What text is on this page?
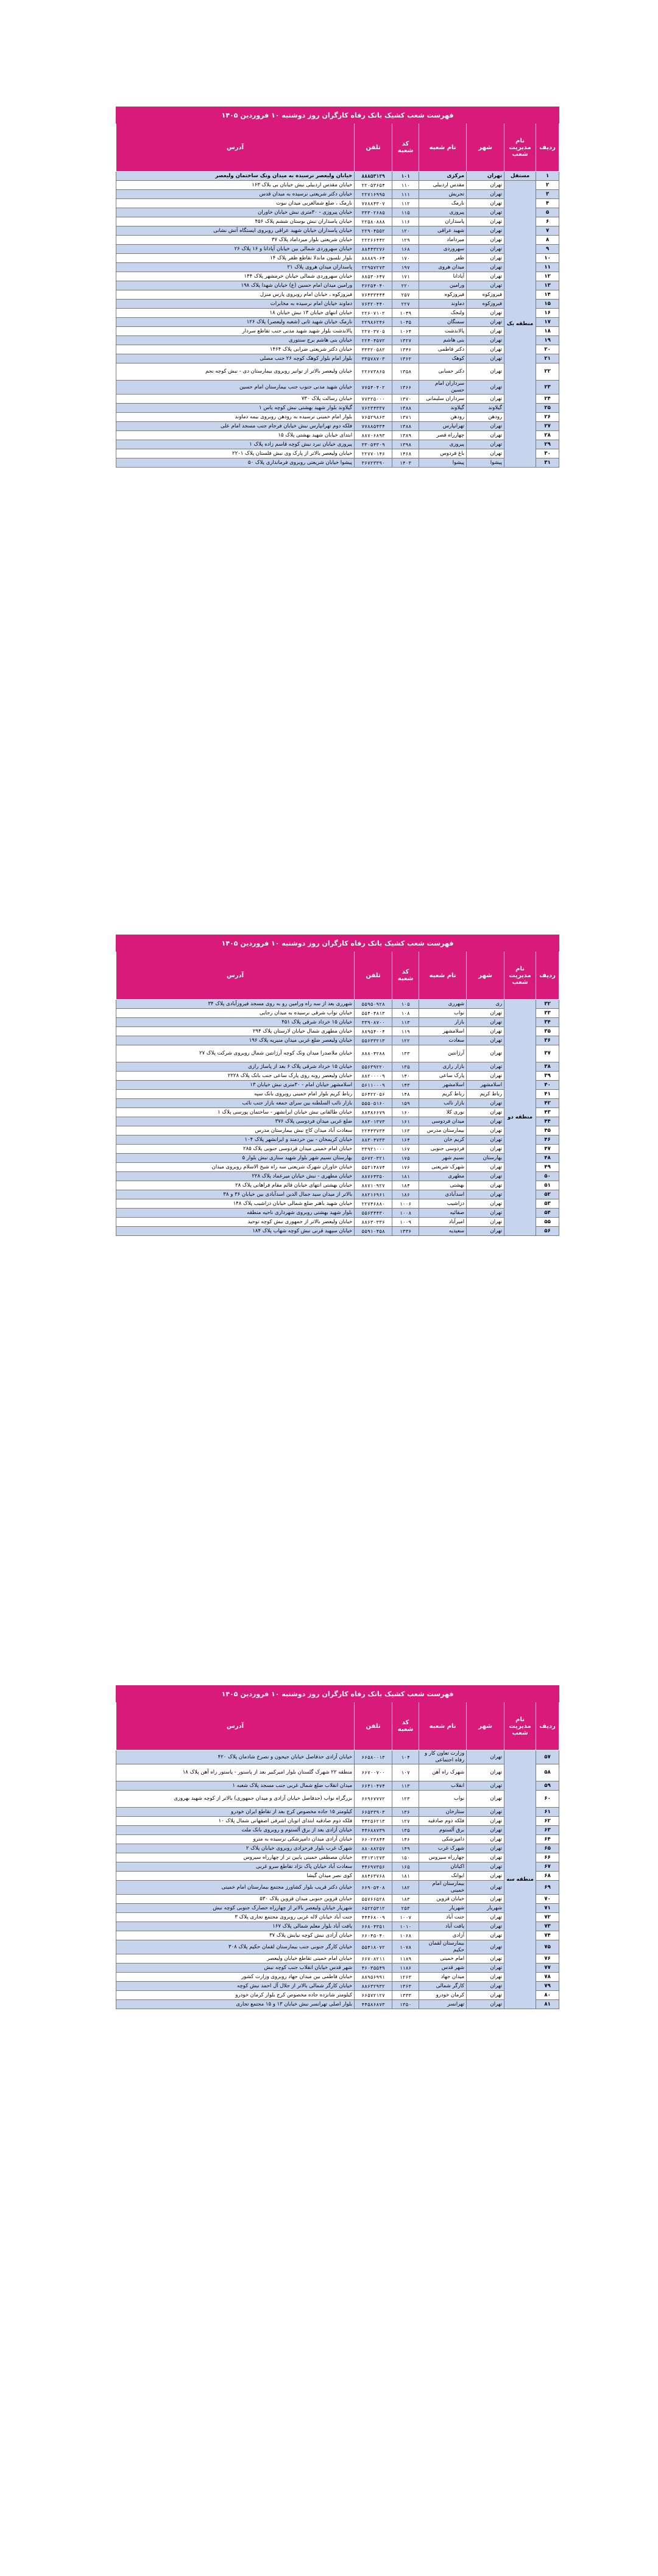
فهرست شعب کشیک بانک رفاه کارگران روز دوشنبه ۱۰ فروردین ۱۴۰۵						
ردیف	نام مدیریت شعب	شهر	نام شعبه	کد شعبه	تلفن	آدرس
۱	مستقل	تهران	مرکزی	۱۰۱	۸۸۸۵۳۱۲۹	خیابان ولیعصر نرسیده به میدان ونک ساختمان ولیعصر
۲	منطقه یک	تهران	مقدس اردبیلی	۱۱۰	۲۲۰۵۳۶۵۴	خیابان مقدس اردبیلی نبش خیابان بی بلاک ۱۶۳
۳		تهران	تجریش	۱۱۱	۲۲۷۱۶۹۹۵	خیابان دکتر شریعتی نرسیده به میدان قدس
۴		تهران	نارمک	۱۱۲	۷۷۸۸۴۳۰۷	نارمک ، ضلع شمالغربی میدان نبوت
۵		تهران	پیروزی	۱۱۵	۳۳۳۰۲۶۸۵	خیابان پیروزی - ۳۰متری نبش خیابان خاوران
۶		تهران	پاسداران	۱۱۶	۲۲۵۸۰۸۸۸	خیابان پاسداران نبش بوستان ششم پلاک ۴۵۶
۷		تهران	شهید عراقی	۱۲۰	۲۲۹۰۴۵۵۲	خیابان پاسداران خیابان شهید عراقی روبروی ایستگاه آتش نشانی
۸		تهران	میرداماد	۱۲۹	۲۲۲۶۶۴۴۲	خیابان شریعتی بلوار میرداماد پلاک ۳۷
۹		تهران	سهروردی	۱۶۸	۸۸۴۴۳۲۷۶	خیابان سهروردی شمالی بین خیابان آپادانا و ۱۶ پلاک ۲۶
۱۰		تهران	ظفر	۱۷۰	۸۸۸۸۹۰۶۴	بلوار نلسون ماندلا تقاطع ظفر پلاک ۱۴
۱۱		تهران	میدان هروی	۱۹۷	۲۲۹۵۷۲۷۳	پاسداران میدان هروی پلاک ۲۱
۱۲		تهران	آپادانا	۱۷۱	۸۸۵۳۰۶۴۷	خیابان سهروردی شمالی خیابان خرمشهر پلاک ۱۴۴
۱۳		تهران	ورامین	۲۲۰	۳۶۲۵۴۰۴۰	ورامین میدان امام حسین (ع) خیابان شهدا پلاک ۱۹۸
۱۴		فیروزکوه	فیروزکوه	۲۵۷	۷۶۴۳۳۴۴۴	فیروزکوه ، خیابان امام روبروی پارس منزل
۱۵		فیروزکوه	دماوند	۲۲۷	۷۶۳۲۰۴۴۰	دماوند خیابان امام نرسیده به مخابرات
۱۶		تهران	ولنجک	۱۰۴۹	۲۲۶۰۷۱۰۲	خیابان انتهای خیابان ۱۳ نبش خیابان ۱۸
۱۷		تهران	سمنگان	۱۰۴۵	۲۲۹۸۶۲۴۶	نارمک خیابان شهید ثانی (شعبه ولیعصر) پلاک ۱۲۶
۱۸		تهران	پالاندشت	۱۰۶۴	۲۲۷۰۳۷۰۵	پالاندشت بلوار شهید شهید مدنی جنب تقاطع سردار
۱۹		تهران	بنی هاشم	۱۳۲۷	۲۲۴۰۴۵۷۲	خیابان بنی هاشم برج سنتوری
۲۰		تهران	دکتر فاطمی	۱۳۴۶	۳۳۳۲۰۵۸۲	خیابان دکتر شریعتی ضرابی پلاک ۱۴۶۴
۲۱		تهران	کوهک	۱۳۶۲	۳۳۵۷۸۷۰۳	بلوار امام بلوار کوهک کوچه ۲۶ جنب مصلی
۲۲		تهران	دکتر حسابی	۱۳۵۸	۲۲۶۷۳۸۶۵	خیابان ولیعصر بالاتر از توانیر روبروی بیمارستان دی - نبش کوچه نجم
۲۳		تهران	سرداران امام حسین	۱۳۶۶	۷۷۵۴۰۴۰۲	خیابان شهید مدنی جنوب جنب بیمارستان امام حسین
۲۴		تهران	سرداران سلیمانی	۱۳۷۰	۷۷۳۲۵۰۰۰	خیابان رسالت پلاک ۷۳۰
۲۵		گیلاوند	گیلاوند	۱۳۸۸	۷۶۲۳۴۳۳۷	گیلاوند بلوار شهید بهشتی نبش کوچه یاس ۱
۲۶		رودهن	رودهن	۱۳۷۱	۷۶۵۲۹۸۶۳	بلوار امام خمینی نرسیده به رودهن روبروی بیمه دماوند
۲۷		تهران	تهرانپارس	۱۳۸۸	۷۷۸۸۵۴۳۴	فلکه دوم تهرانپارس نبش خیابان فرجام جنب مسجد امام علی
۲۸		تهران	چهارراه قصر	۱۳۸۹	۸۸۷۰۶۸۹۳	ابتدای خیابان شهید بهشتی پلاک ۱۵
۲۹		تهران	پیروزی	۱۳۹۸	۳۳۰۵۴۳۰۹	پیروزی خیابان نبرد نبش کوچه قاسم زاده پلاک ۱
۳۰		تهران	باغ فردوس	۱۴۶۸	۲۲۷۷۰۱۴۶	خیابان ولیعصر بالاتر از پارک وی نبش فلستان پلاک ۲۲۰۱
۳۱		پیشوا	پیشوا	۱۴۰۳	۳۶۷۲۳۳۹۰	پیشوا خیابان شریعتی روبروی فرمانداری پلاک ۵۰
فهرست شعب کشیک بانک رفاه کارگران روز دوشنبه ۱۰ فروردین ۱۴۰۵						
ردیف	نام مدیریت شعب	شهر	نام شعبه	کد شعبه	تلفن	آدرس
۳۲	منطقه دو	ری	شهرری	۱۰۵	۵۵۹۵۰۹۲۸	شهرری بعد از سه راه ورامین رو به روی مسجد فیروزآبادی پلاک ۳۴
۳۳		تهران	نواب	۱۰۸	۵۵۴۰۴۸۱۳	خیابان نواب شرقی نرسیده به میدان رجایی
۳۴		تهران	بازار	۱۱۳	۳۳۹۰۸۷۰۰	خیابان ۱۵ خرداد شرقی پلاک ۴۵۱
۳۵		تهران	اسلامشهر	۱۱۹	۸۸۹۵۴۰۰۴	خیابان مطهری شمال خیابان لارستان پلاک ۲۹۴
۳۶		تهران	سعادت	۱۲۲	۵۵۶۳۳۲۱۳	خیابان ولیعصر ضلع غربی میدان منیریه پلاک ۱۹۶
۳۷		تهران	آرژانتین	۱۳۳	۸۸۸۰۴۲۸۸	خیابان ملاصدرا میدان ونک کوچه آرژانتین شمال روبروی شرکت پلاک ۲۷
۳۸		تهران	بازار رازی	۱۳۵	۵۵۶۳۹۲۲۰	خیابان ۱۵ خرداد شرقی پلاک ۶ بعد از پاساژ رازی
۳۹		تهران	پارک ساعی	۱۴۰	۸۸۲۰۰۰۰۹	خیابان ولیعصر روبه روی پارک ساعی جنب بانک پلاک ۲۲۲۸
۴۰		اسلامشهر	اسلامشهر	۱۴۳	۵۶۱۱۰۰۰۹	اسلامشهر خیابان امام - ۳۰متری نبش خیابان ۱۳
۴۱		رباط کریم	رباط کریم	۱۴۸	۵۶۴۲۲۰۵۶	رباط کریم بلوار امام خمینی روبروی بانک سپه
۴۲		تهران	بازار نائب	۱۵۹	۵۵۵۰۵۱۶۰	بازار نائب السلطنه بین سرای جمعه بازار جنب نائب
۴۳		تهران	نوری کلا	۱۶۰	۸۸۴۸۶۶۷۹	خیابان طالقانی نبش خیابان ایرانشهر - ساختمان پورسی پلاک ۱
۴۴		تهران	میدان فردوسی	۱۶۱	۸۸۳۰۱۳۷۳	ضلع غربی میدان فردوسی پلاک ۳۷۶
۴۵		تهران	بیمارستان مدرس	۱۶۳	۲۲۴۴۳۷۳۴	سعادت آباد میدان کاج نبش بیمارستان مدرس
۴۶		تهران	کریم خان	۱۶۴	۸۸۳۰۴۷۳۳	خیابان کریمخان - بین خردمند و ایرانشهر پلاک ۱۰۴
۴۷		تهران	فردوسی جنوبی	۱۶۷	۳۳۹۲۱۰۰۰	خیابان امام خمینی میدان فردوسی جنوبی پلاک ۲۸۵
۴۸		بهارستان	نسیم شهر	۱۷۵	۵۶۷۲۰۳۲۱	بهارستان نسیم شهر بلوار شهید ستاری نبش بلوار ۵
۴۹		تهران	شهرک شریعتی	۱۷۶	۵۵۳۱۴۸۷۴	خیابان خاوران شهرک شریعتی سه راه شیخ الاسلام روبروی میدان
۵۰		تهران	مطهری	۱۸۱	۸۸۷۶۴۳۵۰	خیابان مطهری - نبش خیابان میرعماد پلاک ۲۲۸
۵۱		تهران	بهشتی	۱۸۴	۸۸۷۱۰۹۲۷	خیابان بهشتی انتهای خیابان قائم مقام فراهانی پلاک ۲۸
۵۲		تهران	اسدآبادی	۱۸۶	۸۸۲۱۶۹۶۱	بالاتر از میدان سید جمال الدین اسدآبادی بین خیابان ۳۶ و ۳۸
۵۳		تهران	دزاشیب	۱۰۰۶	۲۲۷۴۶۸۸۰	خیابان شهید باهنر ضلع شمالی خیابان دزاشیب پلاک ۱۴۸
۵۴		تهران	صفائیه	۱۰۰۸	۵۵۶۳۴۴۳۰	بلوار شهید بهشتی روبروی شهرداری ناحیه منطقه
۵۵		تهران	امیرآباد	۱۰۰۹	۸۸۶۳۰۳۳۶	خیابان ولیعصر بالاتر از جمهوری نبش کوچه توحید
۵۶		تهران	سعیدیه	۱۳۳۶	۵۵۹۱۰۴۵۸	خیابان سپهبد قرنی نبش کوچه شهاب پلاک ۱۸۴
فهرست شعب کشیک بانک رفاه کارگران روز دوشنبه ۱۰ فروردین ۱۴۰۵						
ردیف	نام مدیریت شعب	شهر	نام شعبه	کد شعبه	تلفن	آدرس
۵۷	منطقه سه	تهران	وزارت تعاون کار و رفاه اجتماعی	۱۰۴	۶۶۵۸۰۰۱۳	خیابان آزادی حدفاصل خیابان جیحون و نصرخ شادمان پلاک ۴۲۰
۵۸		تهران	شهرک راه آهن	۱۰۷	۶۶۷۰۰۷۰۰	منطقه ۲۲ شهرک گلستان بلوار امیرکبیر بعد از پاستور - پاستور راه آهن پلاک ۱۸
۵۹		تهران	انقلاب	۱۱۳	۶۶۴۱۰۴۷۴	میدان انقلاب ضلع شمال غربی جنب مسجد پلاک شعبه ۱
۶۰		تهران	نواب	۱۲۳	۶۶۹۶۷۷۷۲	بزرگراه نواب (حدفاصل خیابان آزادی و میدان جمهوری) بالاتر از کوچه شهید بهروزی
۶۱		تهران	ستارخان	۱۳۶	۶۶۵۳۳۹۰۳	کیلومتر ۱۵ جاده مخصوص کرج بعد از تقاطع ایران خودرو
۶۲		تهران	فلکه دوم صادقیه	۱۲۷	۴۴۲۵۶۲۱۳	فلکه دوم صادقیه ابتدای اتوبان اشرفی اصفهانی شمال پلاک ۱۰
۶۳		تهران	برق آلستوم	۱۳۵	۴۴۶۸۸۷۳۹	خیابان آزادی بعد از برق آلستوم و روبروی بانک ملت
۶۴		تهران	دامپزشکی	۱۴۶	۶۶۰۲۳۸۴۴	خیابان آزادی میدان دامپزشکی نرسیده به مترو
۶۵		تهران	شهرک غرب	۱۴۹	۸۸۰۸۸۲۵۷	شهرک غرب بلوار فرحزادی روبروی خیابان پلاک ۲
۶۶		تهران	چهارراه سیروس	۱۵۰	۳۳۱۳۱۲۷۳	خیابان مصطفی خمینی پایین تر از چهارراه سیروس
۶۷		تهران	اکباتان	۱۶۵	۴۴۶۹۷۳۵۶	سعادت آباد خیابان پاک نژاد تقاطع سرو غربی
۶۸		تهران	ایوانک	۱۸۱	۸۸۴۶۳۷۶۸	کوی نصر میدان گیشا
۶۹		تهران	بیمارستان امام خمینی	۱۸۲	۶۶۹۰۵۴۰۸	خیابان دکتر قریب بلوار کشاورز مجتمع بیمارستان امام خمینی
۷۰		تهران	خیابان قزوین	۱۸۳	۵۵۷۶۶۵۲۸	خیابان قزوین جنوبی میدان قزوین پلاک ۵۳۰
۷۱		شهریار	شهریار	۲۵۳	۶۵۲۲۵۳۱۲	شهریار خیابان ولیعصر بالاتر از چهارراه حصارک جنوبی کوچه نبش
۷۲		تهران	جنت آباد	۱۰۰۷	۴۴۴۶۸۰۰۹	جنت آباد خیابان لاله غربی روبروی مجتمع تجاری پلاک ۳
۷۳		تهران	یافت آباد	۱۰۱۰	۶۶۸۰۴۳۵۱	یافت آباد بلوار معلم شمالی پلاک ۱۶۷
۷۴		تهران	آزادی	۱۰۶۸	۶۶۰۴۵۰۴۰	خیابان آزادی نبش کوچه نیایش پلاک ۳۷
۷۵		تهران	بیمارستان لقمان حکیم	۱۰۷۸	۵۵۴۱۸۰۷۲	خیابان کارگر جنوبی جنب بیمارستان لقمان حکیم پلاک ۳۰۸
۷۶		تهران	امام خمینی	۱۱۸۹	۶۶۷۰۸۲۱۱	خیابان امام خمینی تقاطع خیابان ولیعصر
۷۷		تهران	شهر قدس	۱۱۸۶	۴۶۰۳۵۵۴۹	شهر قدس خیابان انقلاب جنب کوچه نبش
۷۸		تهران	میدان جهاد	۱۲۶۳	۸۸۹۵۶۹۹۱	خیابان فاطمی بین میدان جهاد روبروی وزارت کشور
۷۹		تهران	کارگر شمالی	۱۳۶۳	۸۸۶۳۲۹۳۲	خیابان کارگر شمالی بالاتر از جلال آل احمد نبش کوچه
۸۰		تهران	کرمان خودرو	۱۳۳۳	۶۶۵۷۲۱۲۷	کیلومتر شانزده جاده مخصوص کرج بلوار کرمان خودرو
۸۱		تهران	تهرانسر	۱۳۵۰	۴۴۵۸۶۸۷۳	بلوار اصلی تهرانسر نبش خیابان ۱۳ و ۱۵ مجتمع تجاری
